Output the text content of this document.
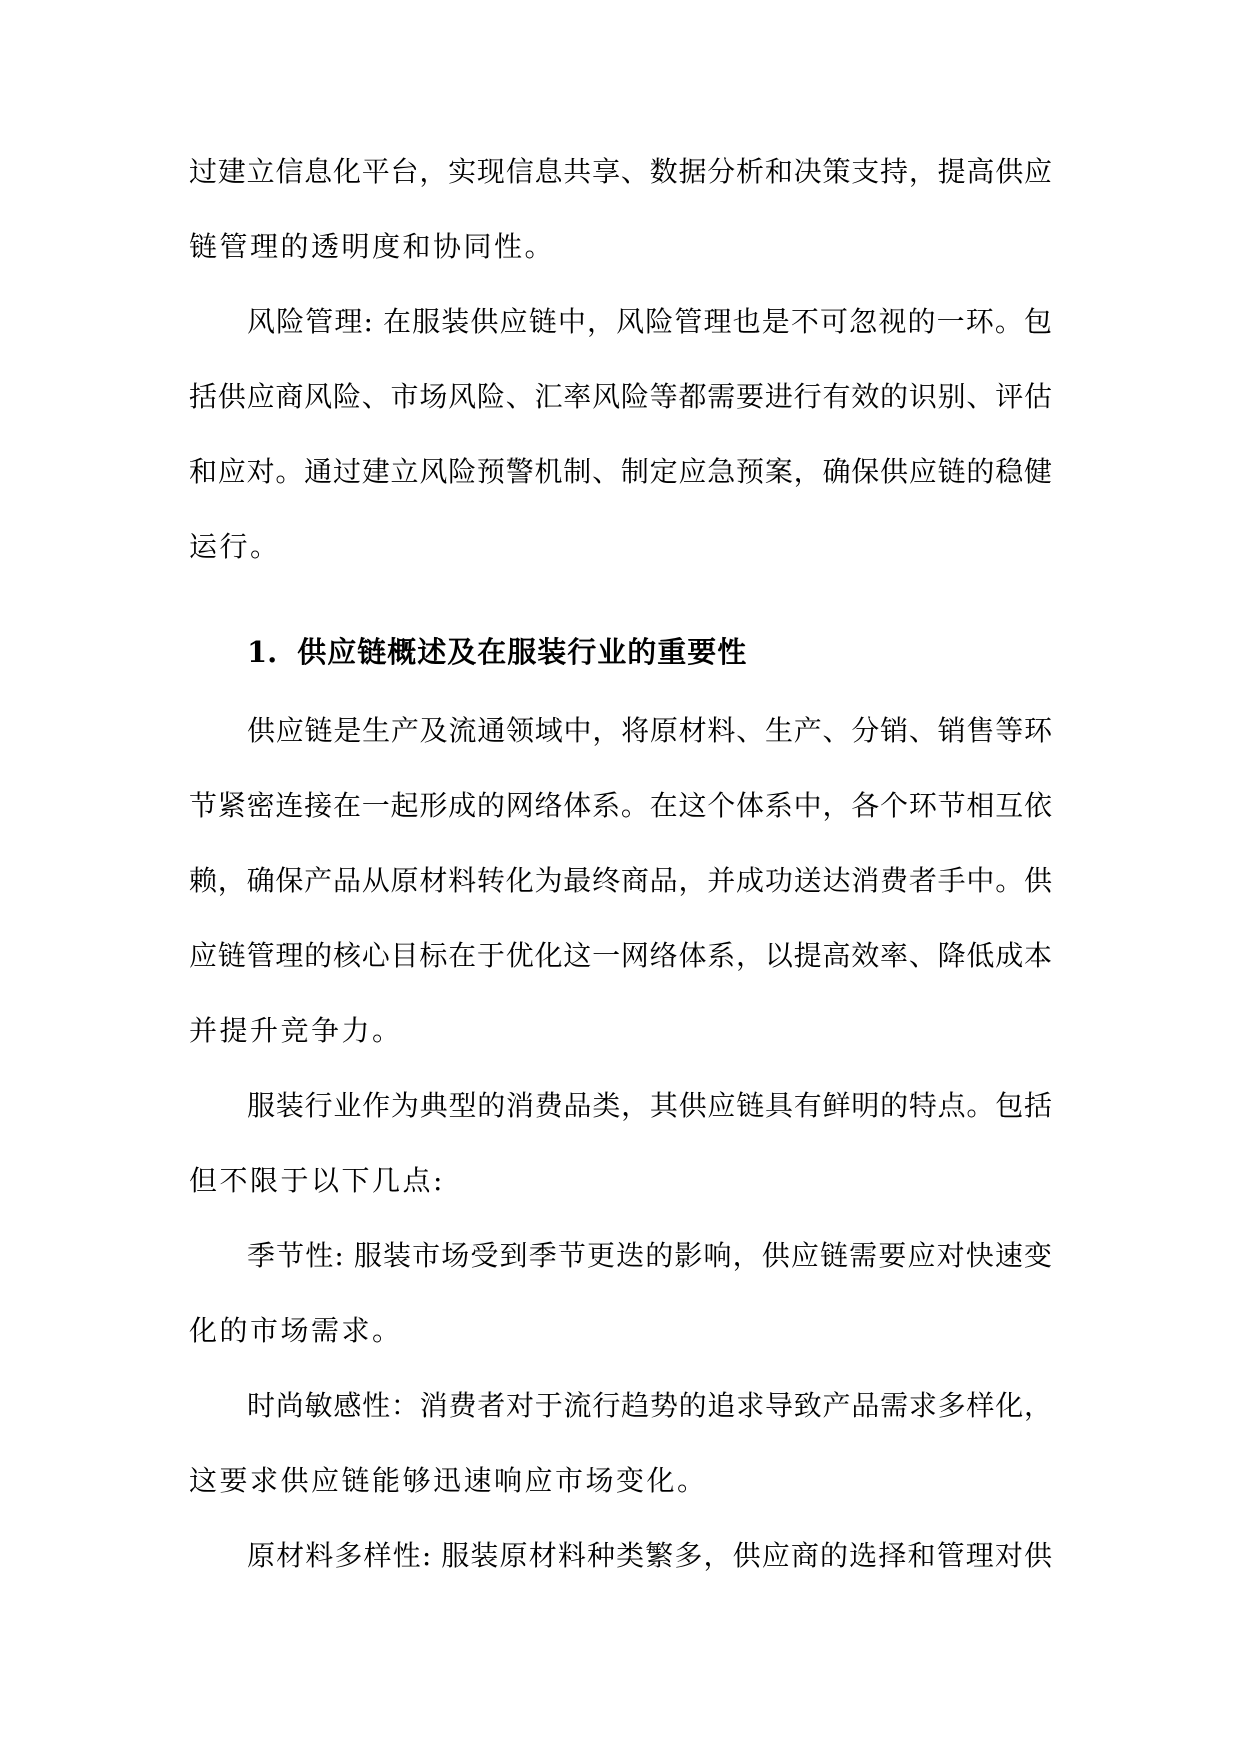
过建立信息化平台，实现信息共享、数据分析和决策支持，提高供应
链管理的透明度和协同性。
风险管理: 在服装供应链中，风险管理也是不可忽视的一环。包
括供应商风险、市场风险、汇率风险等都需要进行有效的识别、评估
和应对。通过建立风险预警机制、制定应急预案，确保供应链的稳健
运行。
1. 供应链概述及在服装行业的重要性
供应链是生产及流通领域中，将原材料、生产、分销、销售等环
节紧密连接在一起形成的网络体系。在这个体系中，各个环节相互依
赖，确保产品从原材料转化为最终商品，并成功送达消费者手中。供
应链管理的核心目标在于优化这一网络体系，以提高效率、降低成本
并提升竞争力。
服装行业作为典型的消费品类，其供应链具有鲜明的特点。包括
但不限于以下几点:
季节性: 服装市场受到季节更迭的影响，供应链需要应对快速变
化的市场需求。
时尚敏感性：消费者对于流行趋势的追求导致产品需求多样化，
这要求供应链能够迅速响应市场变化。
原材料多样性: 服装原材料种类繁多，供应商的选择和管理对供
